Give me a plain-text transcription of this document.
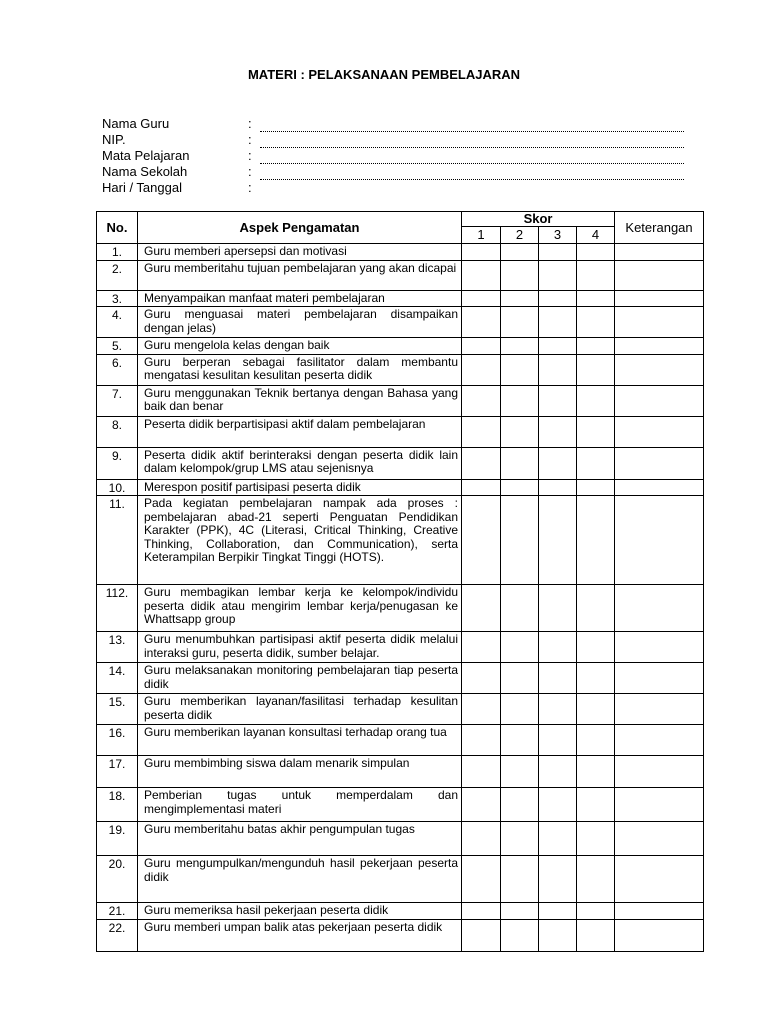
MATERI : PELAKSANAAN PEMBELAJARAN
Nama Guru	:
NIP.	:
Mata Pelajaran	:
Nama Sekolah	:
Hari / Tanggal	:
No.	Aspek Pengamatan	Skor				Keterangan
		1	2	3	4	
1.	Guru memberi apersepsi dan motivasi					
2.	Guru memberitahu tujuan pembelajaran yang akan dicapai					
3.	Menyampaikan manfaat materi pembelajaran					
4.	Guru menguasai materi pembelajaran disampaikan dengan jelas)					
5.	Guru mengelola kelas dengan baik					
6.	Guru berperan sebagai fasilitator dalam membantu mengatasi kesulitan kesulitan peserta didik					
7.	Guru menggunakan Teknik bertanya dengan Bahasa yang baik dan benar					
8.	Peserta didik berpartisipasi aktif dalam pembelajaran					
9.	Peserta didik aktif berinteraksi dengan peserta didik lain dalam kelompok/grup LMS atau sejenisnya					
10.	Merespon positif partisipasi peserta didik					
11.	Pada kegiatan pembelajaran nampak ada proses : pembelajaran abad-21 seperti Penguatan Pendidikan Karakter (PPK), 4C (Literasi, Critical Thinking, Creative Thinking, Collaboration, dan Communication), serta Keterampilan Berpikir Tingkat Tinggi (HOTS).					
112.	Guru membagikan lembar kerja ke kelompok/individu peserta didik atau mengirim lembar kerja/penugasan ke Whattsapp group					
13.	Guru menumbuhkan partisipasi aktif peserta didik melalui interaksi guru, peserta didik, sumber belajar.					
14.	Guru melaksanakan monitoring pembelajaran tiap peserta didik					
15.	Guru memberikan layanan/fasilitasi terhadap kesulitan peserta didik					
16.	Guru memberikan layanan konsultasi terhadap orang tua					
17.	Guru membimbing siswa dalam menarik simpulan					
18.	Pemberian tugas untuk memperdalam dan mengimplementasi materi					
19.	Guru memberitahu batas akhir pengumpulan tugas					
20.	Guru mengumpulkan/mengunduh hasil pekerjaan peserta didik					
21.	Guru memeriksa hasil pekerjaan peserta didik					
22.	Guru memberi umpan balik atas pekerjaan peserta didik					
